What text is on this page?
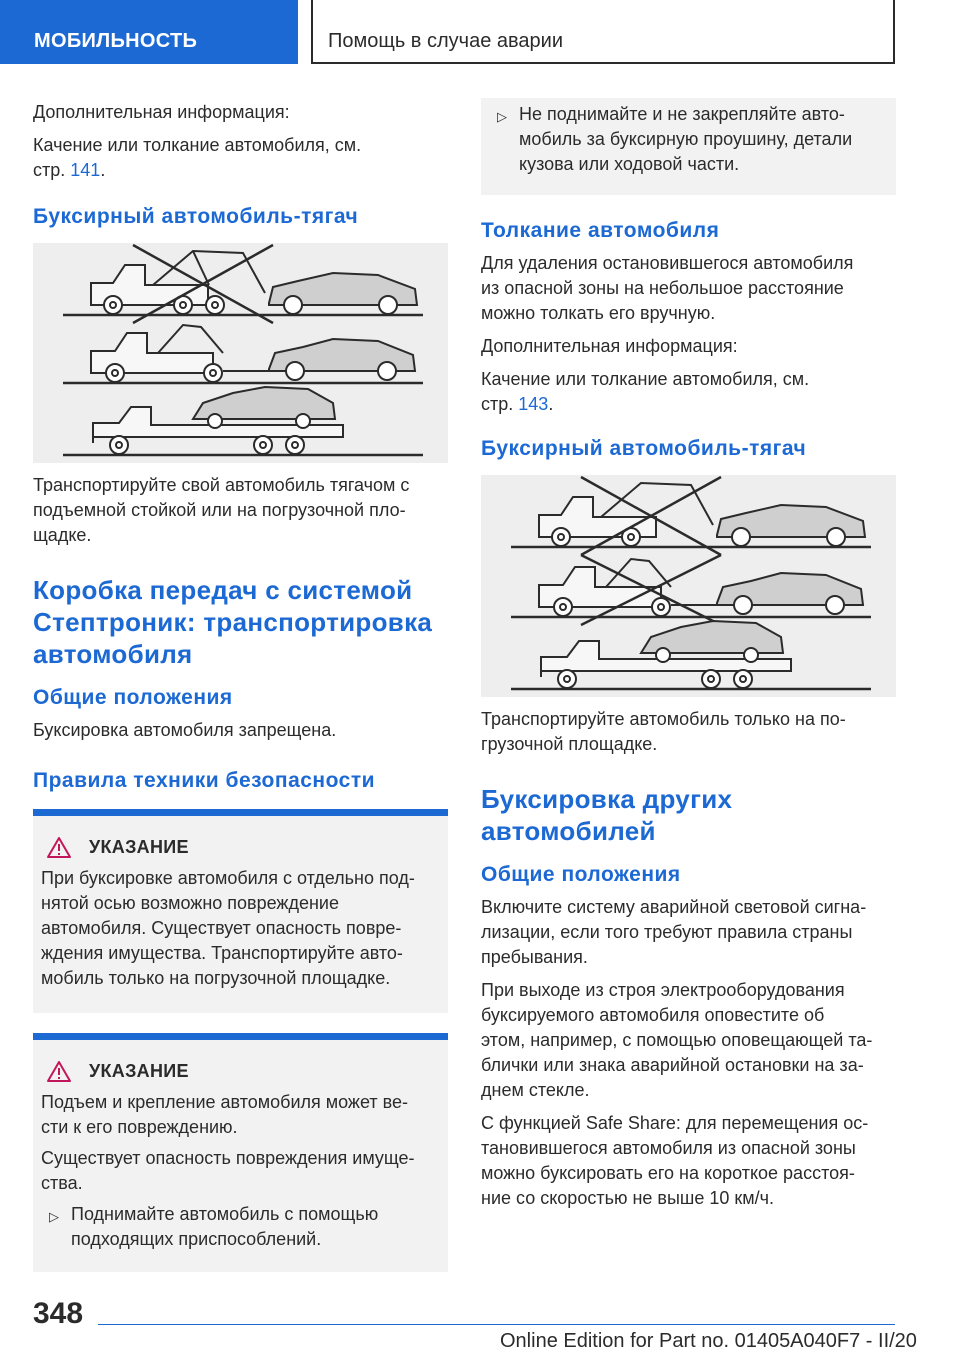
МОБИЛЬНОСТЬ	Помощь в случае аварии

Дополнительная информация:

Качение или толкание автомобиля, см.
стр. 141.

Буксирный автомобиль-тягач

Транспортируйте свой автомобиль тягачом с
подъемной стойкой или на погрузочной пло-
щадке.

Коробка передач с системой
Стептроник: транспортировка
автомобиля
Общие положения

Буксировка автомобиля запрещена.

Правила техники безопасности
УКАЗАНИЕ

При буксировке автомобиля с отдельно под-
нятой осью возможно повреждение
автомобиля. Существует опасность повре-
ждения имущества. Транспортируйте авто-
мобиль только на погрузочной площадке.

УКАЗАНИЕ

Подъем и крепление автомобиля может ве-
сти к его повреждению.

Существует опасность повреждения имуще-
ства.

▷ Поднимайте автомобиль с помощью
подходящих приспособлений.
▷ Не поднимайте и не закрепляйте авто-
мобиль за буксирную проушину, детали
кузова или ходовой части.
Толкание автомобиля

Для удаления остановившегося автомобиля
из опасной зоны на небольшое расстояние
можно толкать его вручную.

Дополнительная информация:

Качение или толкание автомобиля, см.
стр. 143.

Буксирный автомобиль-тягач

Транспортируйте автомобиль только на по-
грузочной площадке.

Буксировка других
автомобилей
Общие положения

Включите систему аварийной световой сигна-
лизации, если того требуют правила страны
пребывания.

При выходе из строя электрооборудования
буксируемого автомобиля оповестите об
этом, например, с помощью оповещающей та-
блички или знака аварийной остановки на за-
днем стекле.

С функцией Safe Share: для перемещения ос-
тановившегося автомобиля из опасной зоны
можно буксировать его на короткое расстоя-
ние со скоростью не выше 10 км/ч.

348
Online Edition for Part no. 01405A040F7 - II/20
